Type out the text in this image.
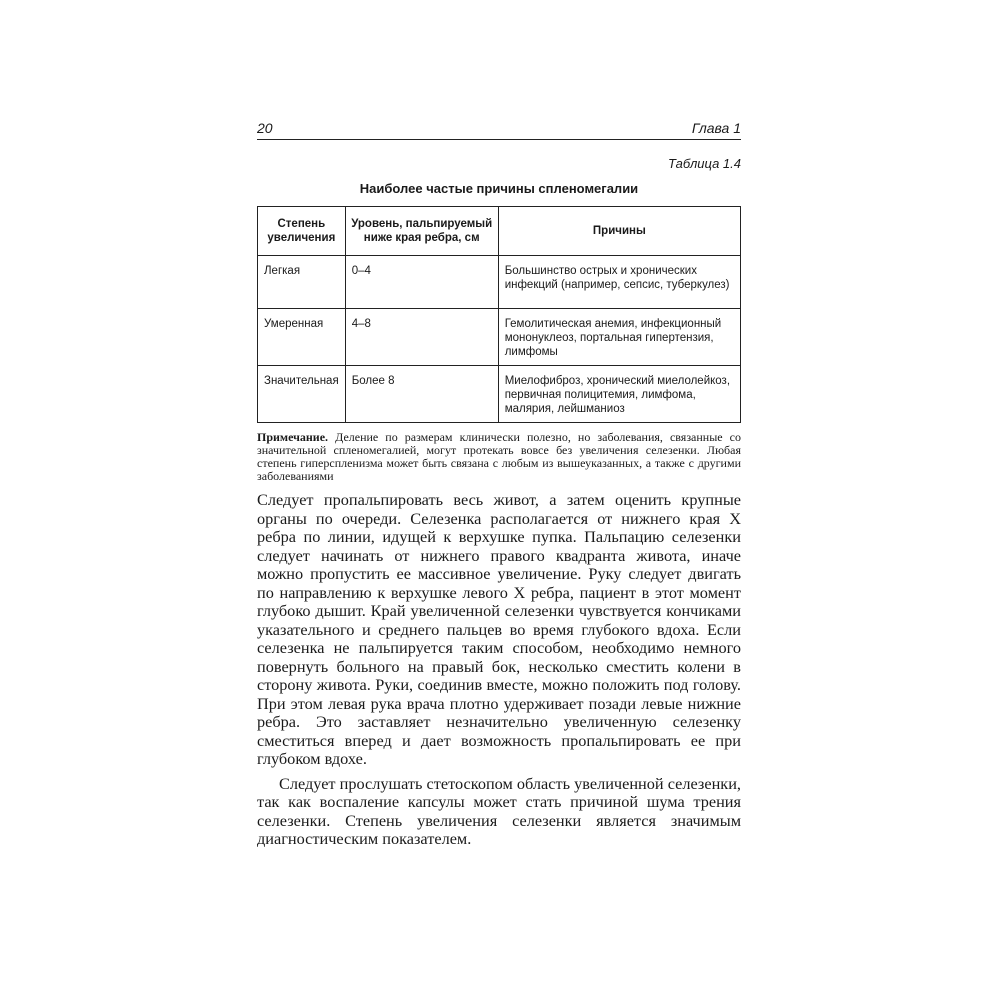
20	Глава 1
Таблица 1.4
Наиболее частые причины спленомегалии
Степень увеличения	Уровень, пальпируемый ниже края ребра, см	Причины
Легкая	0–4	Большинство острых и хронических инфекций (например, сепсис, туберкулез)
Умеренная	4–8	Гемолитическая анемия, инфекционный мононуклеоз, портальная гипертензия, лимфомы
Значительная	Более 8	Миелофиброз, хронический миелолейкоз, первичная полицитемия, лимфома, малярия, лейшманиоз
Примечание. Деление по размерам клинически полезно, но заболевания, связанные со значительной спленомегалией, могут протекать вовсе без увеличения селезенки. Любая степень гиперспленизма может быть связана с любым из вышеуказанных, а также с другими заболеваниями

Следует пропальпировать весь живот, а затем оценить крупные органы по очереди. Селезенка располагается от нижнего края X ребра по линии, идущей к верхушке пупка. Пальпацию селезенки следует начинать от нижнего правого квадранта живота, иначе можно пропустить ее массивное увеличение. Руку следует двигать по направлению к верхушке левого X ребра, пациент в этот момент глубоко дышит. Край увеличенной селезенки чувствуется кончиками указательного и среднего пальцев во время глубокого вдоха. Если селезенка не пальпируется таким способом, необходимо немного повернуть больного на правый бок, несколько сместить колени в сторону живота. Руки, соединив вместе, можно положить под голову. При этом левая рука врача плотно удерживает позади левые нижние ребра. Это заставляет незначительно увеличенную селезенку сместиться вперед и дает возможность пропальпировать ее при глубоком вдохе.

Следует прослушать стетоскопом область увеличенной селезенки, так как воспаление капсулы может стать причиной шума трения селезенки. Степень увеличения селезенки является значимым диагностическим показателем.
